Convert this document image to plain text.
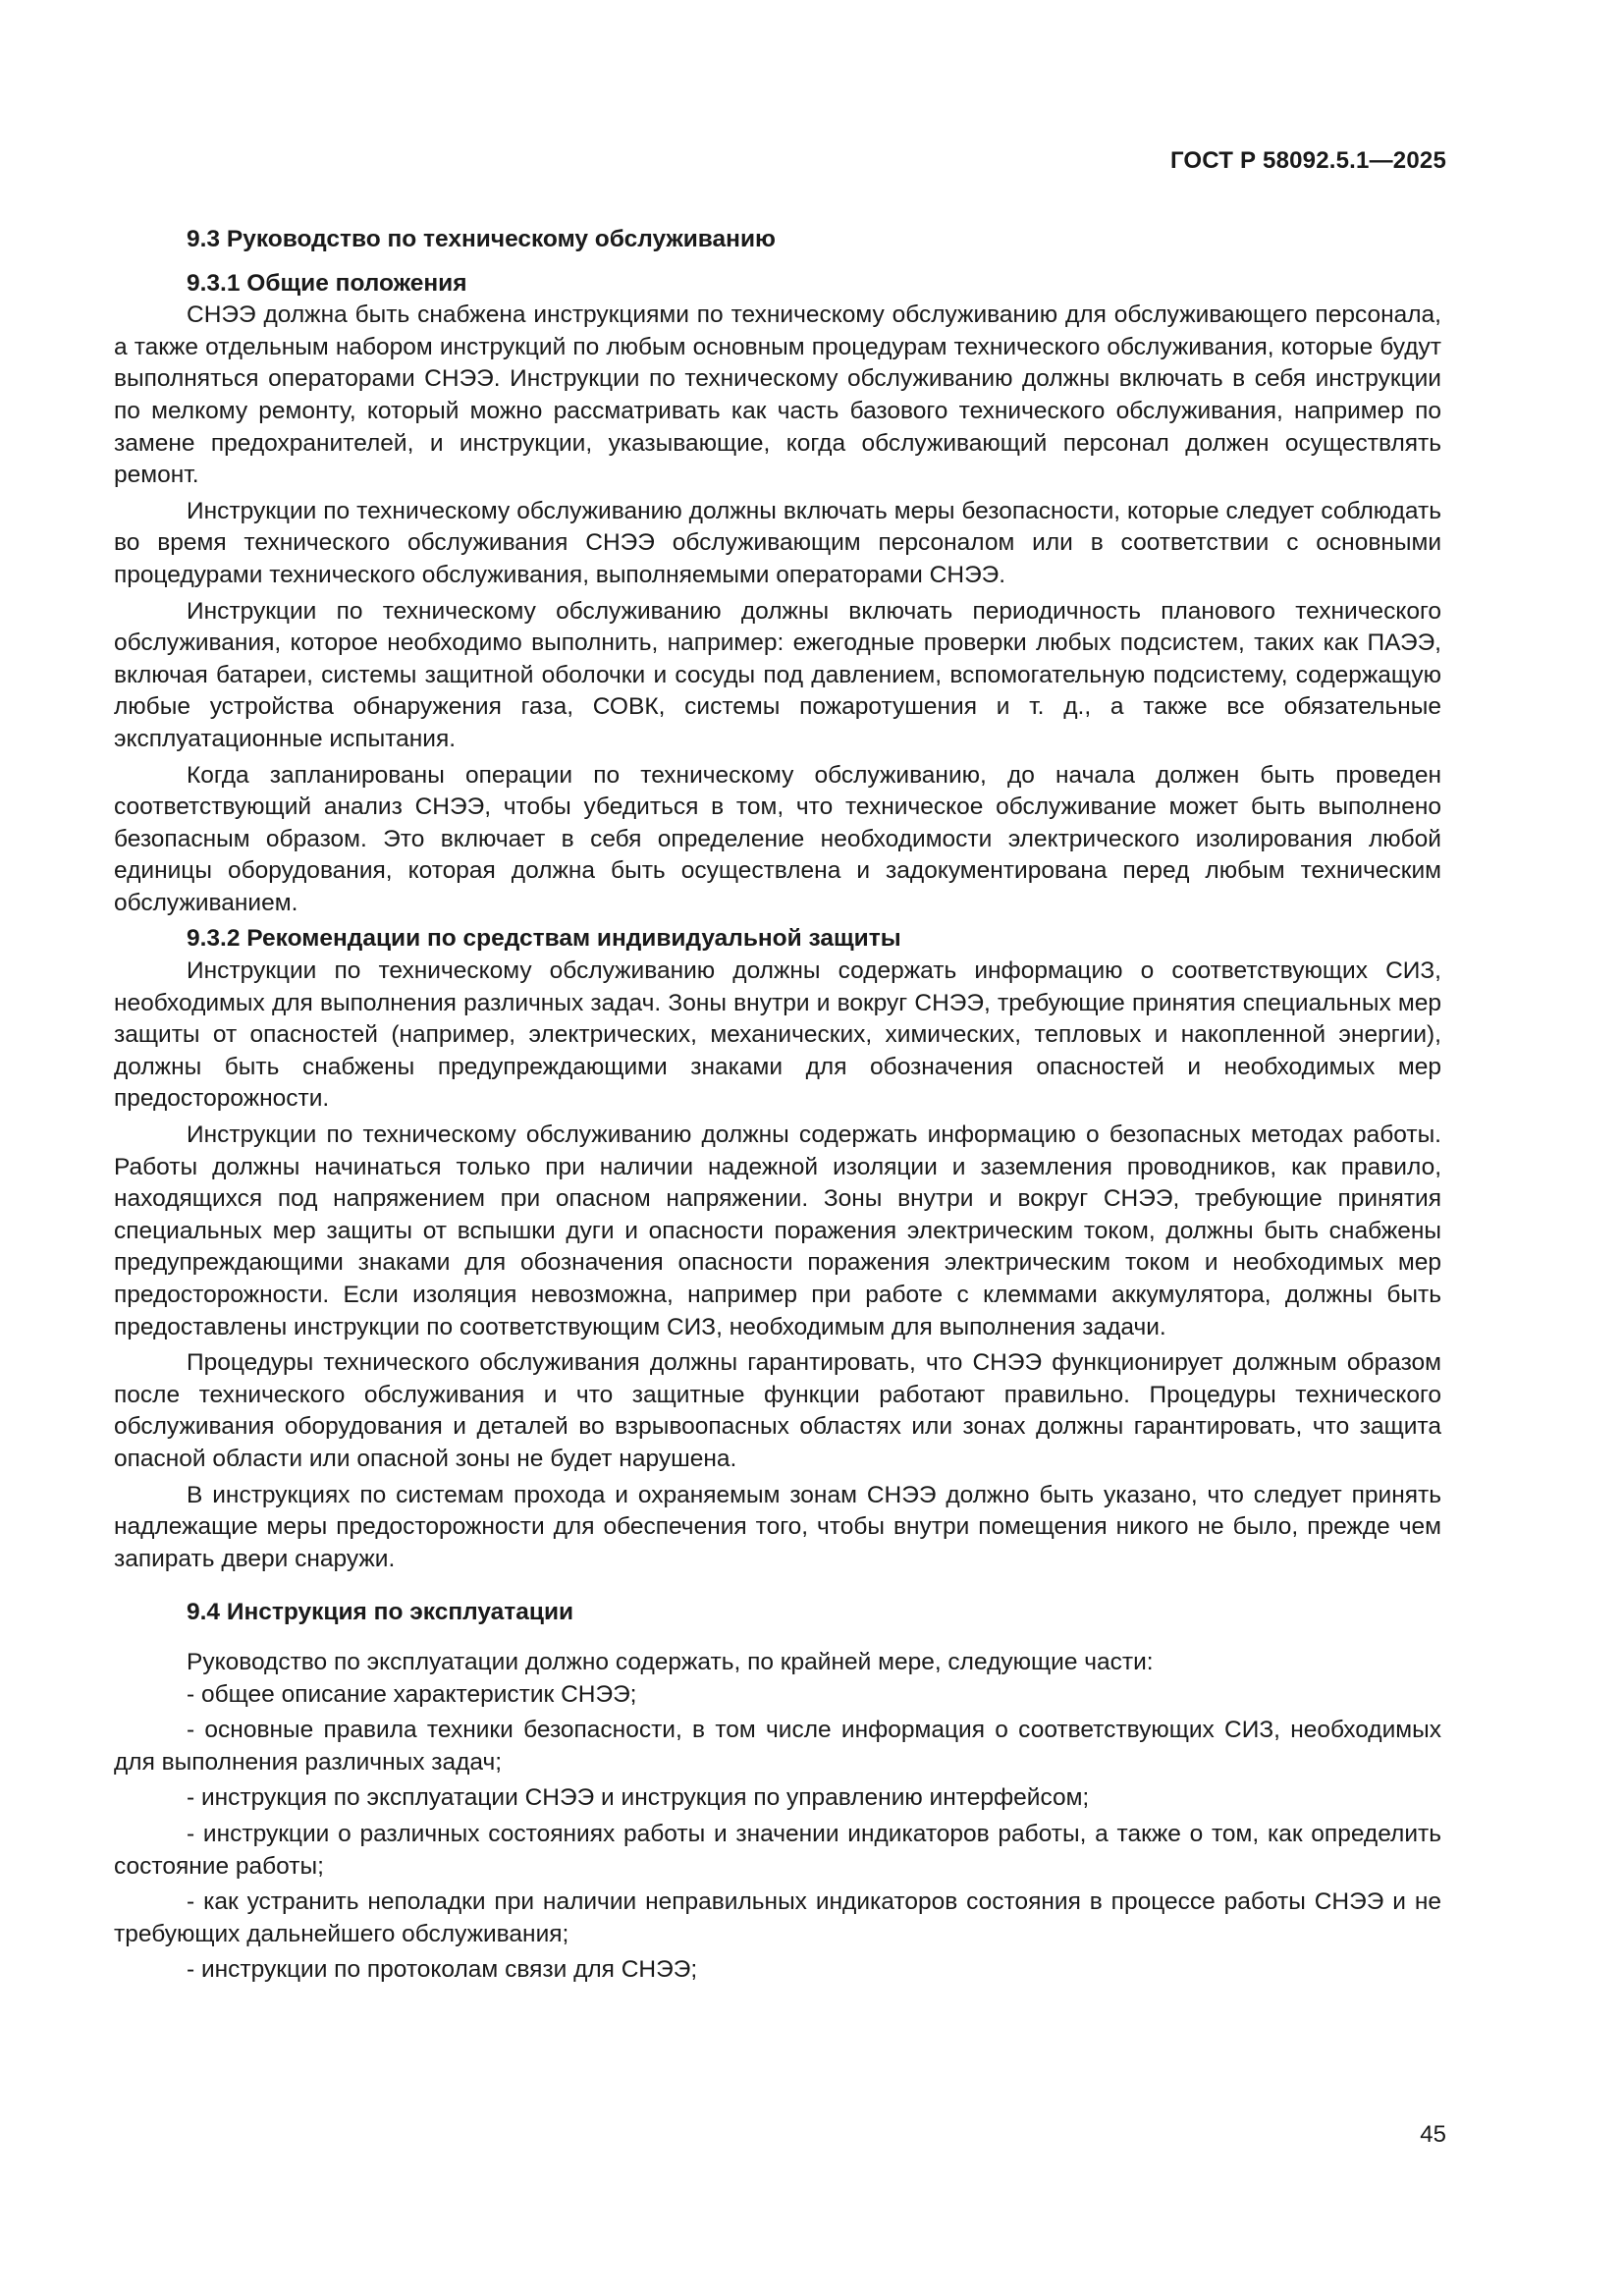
ГОСТ Р 58092.5.1—2025
9.3 Руководство по техническому обслуживанию
9.3.1 Общие положения

СНЭЭ должна быть снабжена инструкциями по техническому обслуживанию для обслуживающего персонала, а также отдельным набором инструкций по любым основным процедурам технического обслуживания, которые будут выполняться операторами СНЭЭ. Инструкции по техническому обслуживанию должны включать в себя инструкции по мелкому ремонту, который можно рассматривать как часть базового технического обслуживания, например по замене предохранителей, и инструкции, указывающие, когда обслуживающий персонал должен осуществлять ремонт.

Инструкции по техническому обслуживанию должны включать меры безопасности, которые следует соблюдать во время технического обслуживания СНЭЭ обслуживающим персоналом или в соответствии с основными процедурами технического обслуживания, выполняемыми операторами СНЭЭ.

Инструкции по техническому обслуживанию должны включать периодичность планового технического обслуживания, которое необходимо выполнить, например: ежегодные проверки любых подсистем, таких как ПАЭЭ, включая батареи, системы защитной оболочки и сосуды под давлением, вспомогательную подсистему, содержащую любые устройства обнаружения газа, СОВК, системы пожаротушения и т. д., а также все обязательные эксплуатационные испытания.

Когда запланированы операции по техническому обслуживанию, до начала должен быть проведен соответствующий анализ СНЭЭ, чтобы убедиться в том, что техническое обслуживание может быть выполнено безопасным образом. Это включает в себя определение необходимости электрического изолирования любой единицы оборудования, которая должна быть осуществлена и задокументирована перед любым техническим обслуживанием.

9.3.2 Рекомендации по средствам индивидуальной защиты

Инструкции по техническому обслуживанию должны содержать информацию о соответствующих СИЗ, необходимых для выполнения различных задач. Зоны внутри и вокруг СНЭЭ, требующие принятия специальных мер защиты от опасностей (например, электрических, механических, химических, тепловых и накопленной энергии), должны быть снабжены предупреждающими знаками для обозначения опасностей и необходимых мер предосторожности.

Инструкции по техническому обслуживанию должны содержать информацию о безопасных методах работы. Работы должны начинаться только при наличии надежной изоляции и заземления проводников, как правило, находящихся под напряжением при опасном напряжении. Зоны внутри и вокруг СНЭЭ, требующие принятия специальных мер защиты от вспышки дуги и опасности поражения электрическим током, должны быть снабжены предупреждающими знаками для обозначения опасности поражения электрическим током и необходимых мер предосторожности. Если изоляция невозможна, например при работе с клеммами аккумулятора, должны быть предоставлены инструкции по соответствующим СИЗ, необходимым для выполнения задачи.

Процедуры технического обслуживания должны гарантировать, что СНЭЭ функционирует должным образом после технического обслуживания и что защитные функции работают правильно. Процедуры технического обслуживания оборудования и деталей во взрывоопасных областях или зонах должны гарантировать, что защита опасной области или опасной зоны не будет нарушена.

В инструкциях по системам прохода и охраняемым зонам СНЭЭ должно быть указано, что следует принять надлежащие меры предосторожности для обеспечения того, чтобы внутри помещения никого не было, прежде чем запирать двери снаружи.

9.4 Инструкция по эксплуатации

Руководство по эксплуатации должно содержать, по крайней мере, следующие части:

- общее описание характеристик СНЭЭ;
- основные правила техники безопасности, в том числе информация о соответствующих СИЗ, необходимых для выполнения различных задач;
- инструкция по эксплуатации СНЭЭ и инструкция по управлению интерфейсом;
- инструкции о различных состояниях работы и значении индикаторов работы, а также о том, как определить состояние работы;
- как устранить неполадки при наличии неправильных индикаторов состояния в процессе работы СНЭЭ и не требующих дальнейшего обслуживания;
- инструкции по протоколам связи для СНЭЭ;
45
